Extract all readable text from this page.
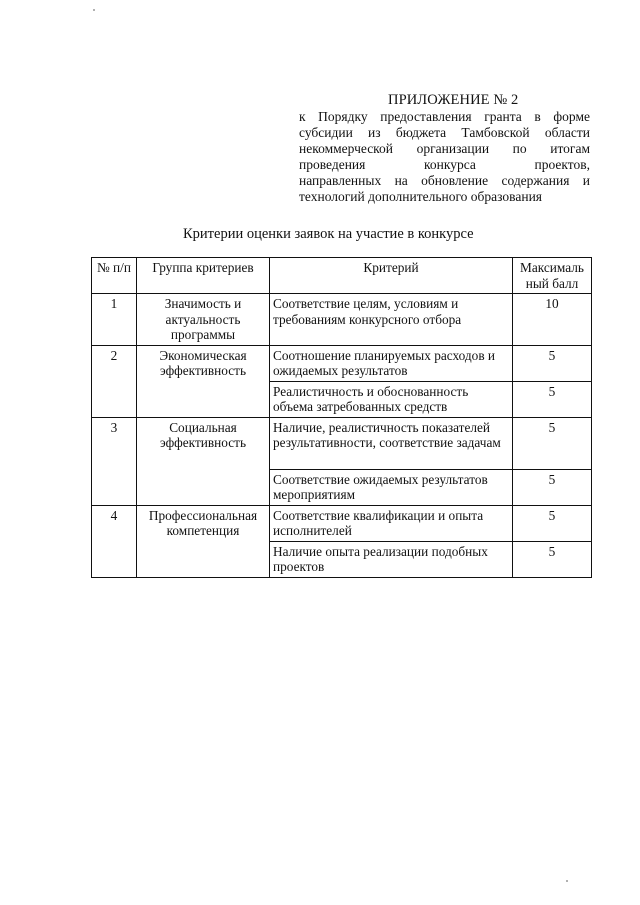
ПРИЛОЖЕНИЕ № 2
к Порядку предоставления гранта в форме
субсидии из бюджета Тамбовской области
некоммерческой организации по итогам
проведения конкурса проектов,
направленных на обновление содержания и
технологий дополнительного образования
Критерии оценки заявок на участие в конкурсе
№ п/п	Группа критериев	Критерий	Максималь ный балл
1	Значимость и актуальность программы	Соответствие целям, условиям и требованиям конкурсного отбора	10
2	Экономическая эффективность	Соотношение планируемых расходов и ожидаемых результатов	5
		Реалистичность и обоснованность объема затребованных средств	5
3	Социальная эффективность	Наличие, реалистичность показателей результативности, соответствие задачам	5
		Соответствие ожидаемых результатов мероприятиям	5
4	Профессиональная компетенция	Соответствие квалификации и опыта исполнителей	5
		Наличие опыта реализации подобных проектов	5
